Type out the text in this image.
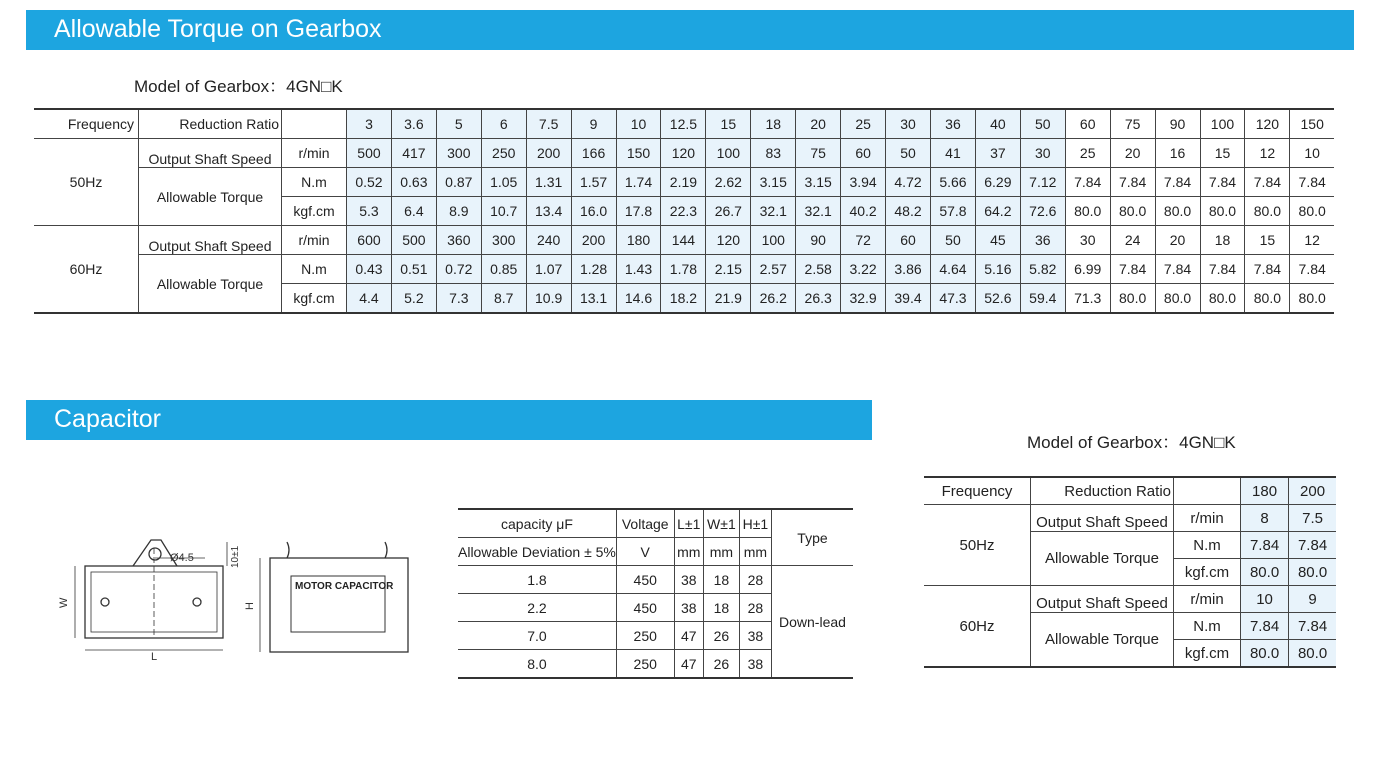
Allowable Torque on Gearbox
Model of Gearbox：4GN□K
Frequency	Reduction Ratio		3	3.6	5	6	7.5	9	10	12.5	15	18	20	25	30	36	40	50	60	75	90	100	120	150
50Hz	Output Shaft Speed	r/min	500	417	300	250	200	166	150	120	100	83	75	60	50	41	37	30	25	20	16	15	12	10
	Allowable Torque	N.m	0.52	0.63	0.87	1.05	1.31	1.57	1.74	2.19	2.62	3.15	3.15	3.94	4.72	5.66	6.29	7.12	7.84	7.84	7.84	7.84	7.84	7.84
		kgf.cm	5.3	6.4	8.9	10.7	13.4	16.0	17.8	22.3	26.7	32.1	32.1	40.2	48.2	57.8	64.2	72.6	80.0	80.0	80.0	80.0	80.0	80.0
60Hz	Output Shaft Speed	r/min	600	500	360	300	240	200	180	144	120	100	90	72	60	50	45	36	30	24	20	18	15	12
	Allowable Torque	N.m	0.43	0.51	0.72	0.85	1.07	1.28	1.43	1.78	2.15	2.57	2.58	3.22	3.86	4.64	5.16	5.82	6.99	7.84	7.84	7.84	7.84	7.84
		kgf.cm	4.4	5.2	7.3	8.7	10.9	13.1	14.6	18.2	21.9	26.2	26.3	32.9	39.4	47.3	52.6	59.4	71.3	80.0	80.0	80.0	80.0	80.0
Capacitor
Model of Gearbox：4GN□K
Ø4.5	10±1
W
L
H
MOTOR CAPACITOR
capacity μF	Voltage	L±1	W±1	H±1	Type
Allowable Deviation ± 5%	V	mm	mm	mm	
1.8	450	38	18	28	Down-lead
2.2	450	38	18	28	
7.0	250	47	26	38	
8.0	250	47	26	38	
Frequency	Reduction Ratio		180	200
50Hz	Output Shaft Speed	r/min	8	7.5
	Allowable Torque	N.m	7.84	7.84
		kgf.cm	80.0	80.0
60Hz	Output Shaft Speed	r/min	10	9
	Allowable Torque	N.m	7.84	7.84
		kgf.cm	80.0	80.0
